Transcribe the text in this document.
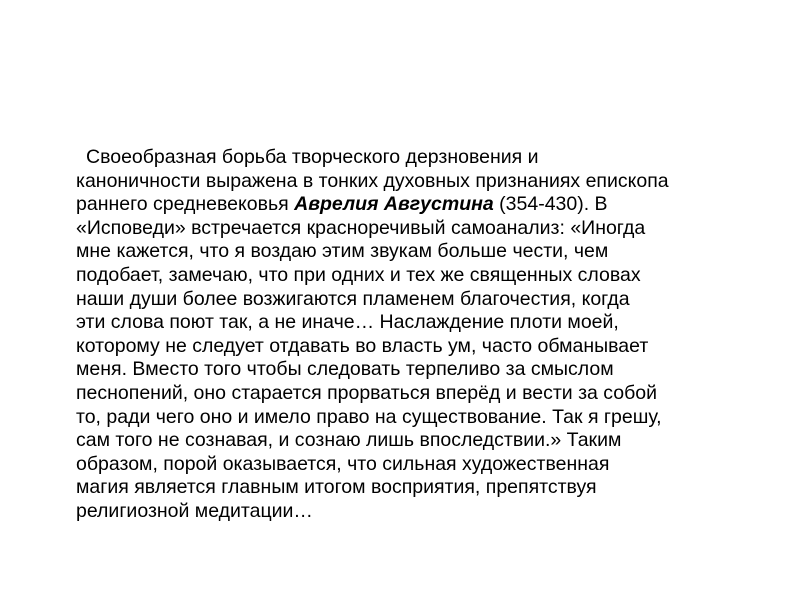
Своеобразная борьба творческого дерзновения и
каноничности выражена в тонких духовных признаниях епископа
раннего средневековья Аврелия Августина (354-430). В
«Исповеди» встречается красноречивый самоанализ: «Иногда
мне кажется, что я воздаю этим звукам больше чести, чем
подобает, замечаю, что при одних и тех же священных словах
наши души более возжигаются пламенем благочестия, когда
эти слова поют так, а не иначе… Наслаждение плоти моей,
которому не следует отдавать во власть ум, часто обманывает
меня. Вместо того чтобы следовать терпеливо за смыслом
песнопений, оно старается прорваться вперёд и вести за собой
то, ради чего оно и имело право на существование. Так я грешу,
сам того не сознавая, и сознаю лишь впоследствии.» Таким
образом, порой оказывается, что сильная художественная
магия является главным итогом восприятия, препятствуя
религиозной медитации…
